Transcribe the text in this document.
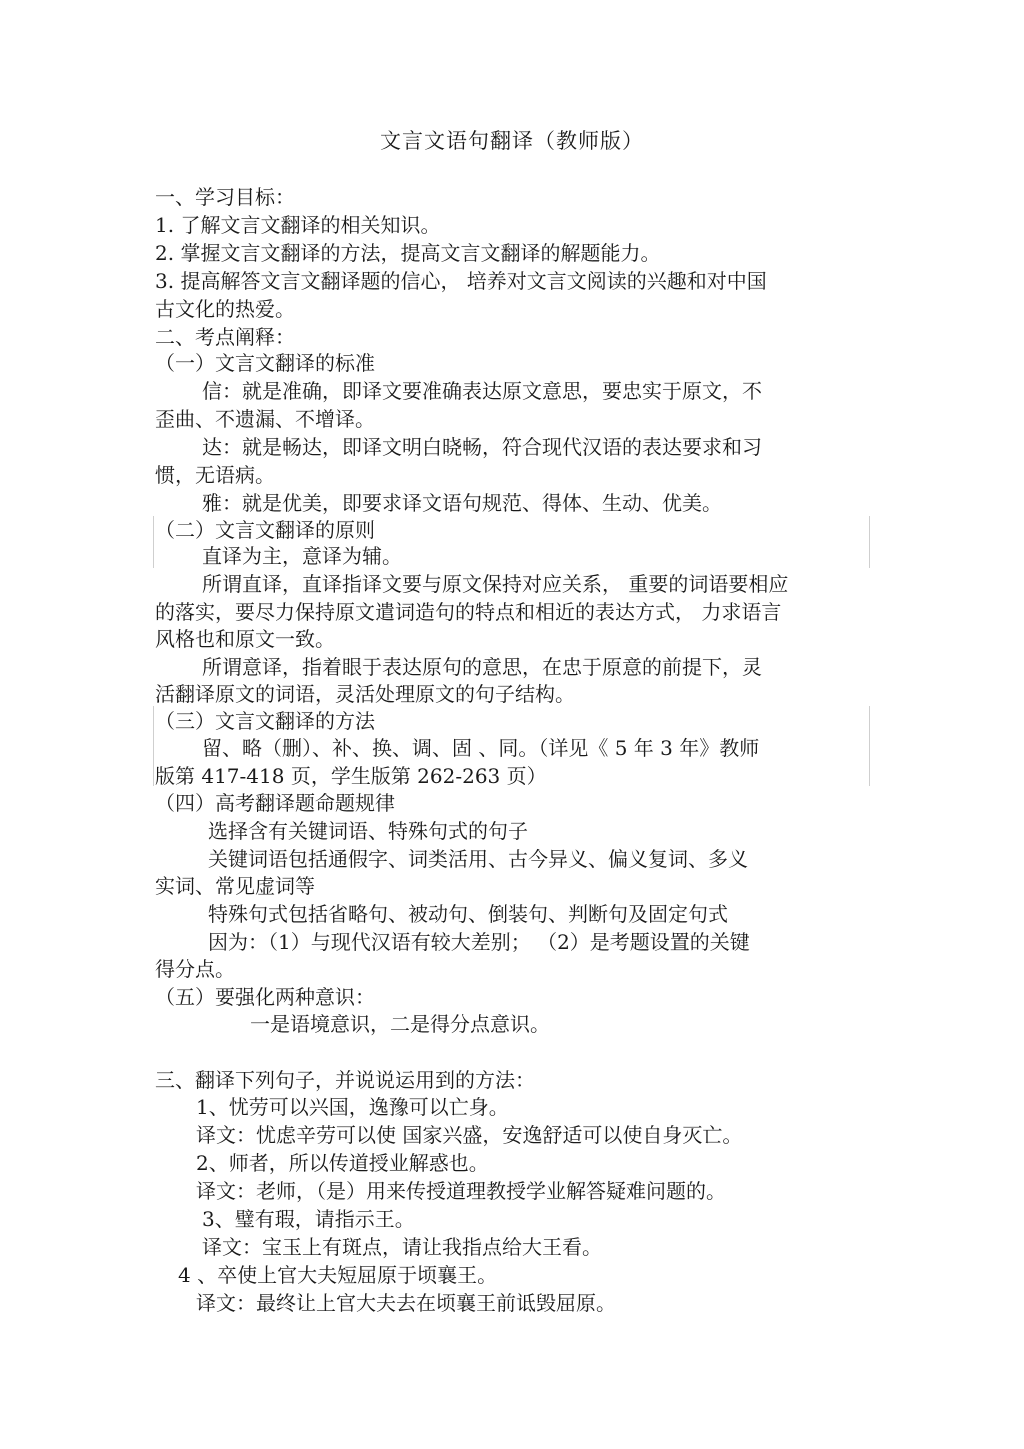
文言文语句翻译（教师版）
一、学习目标：
1. 了解文言文翻译的相关知识。
2. 掌握文言文翻译的方法，提高文言文翻译的解题能力。
3. 提高解答文言文翻译题的信心， 培养对文言文阅读的兴趣和对中国
古文化的热爱。
二、考点阐释：
（一）文言文翻译的标准
信：就是准确，即译文要准确表达原文意思，要忠实于原文，不
歪曲、不遗漏、不增译。
达：就是畅达，即译文明白晓畅，符合现代汉语的表达要求和习
惯，无语病。
雅：就是优美，即要求译文语句规范、得体、生动、优美。
（二）文言文翻译的原则
直译为主，意译为辅。
所谓直译，直译指译文要与原文保持对应关系， 重要的词语要相应
的落实，要尽力保持原文遣词造句的特点和相近的表达方式， 力求语言
风格也和原文一致。
所谓意译，指着眼于表达原句的意思，在忠于原意的前提下，灵
活翻译原文的词语，灵活处理原文的句子结构。
（三）文言文翻译的方法
留、略（删）、补、换、调、固 、同。（详见《 5 年 3 年》教师
版第 417-418 页，学生版第 262-263 页）
（四）高考翻译题命题规律
选择含有关键词语、特殊句式的句子
关键词语包括通假字、词类活用、古今异义、偏义复词、多义
实词、常见虚词等
特殊句式包括省略句、被动句、倒装句、判断句及固定句式
因为：（1）与现代汉语有较大差别； （2）是考题设置的关键
得分点。
（五）要强化两种意识：
一是语境意识，二是得分点意识。
三、翻译下列句子，并说说运用到的方法：
1、忧劳可以兴国，逸豫可以亡身。
译文：忧虑辛劳可以使 国家兴盛，安逸舒适可以使自身灭亡。
2、师者，所以传道授业解惑也。
译文：老师，（是）用来传授道理教授学业解答疑难问题的。
3、璧有瑕，请指示王。
译文：宝玉上有斑点，请让我指点给大王看。
4 、卒使上官大夫短屈原于顷襄王。
译文：最终让上官大夫去在顷襄王前诋毁屈原。
